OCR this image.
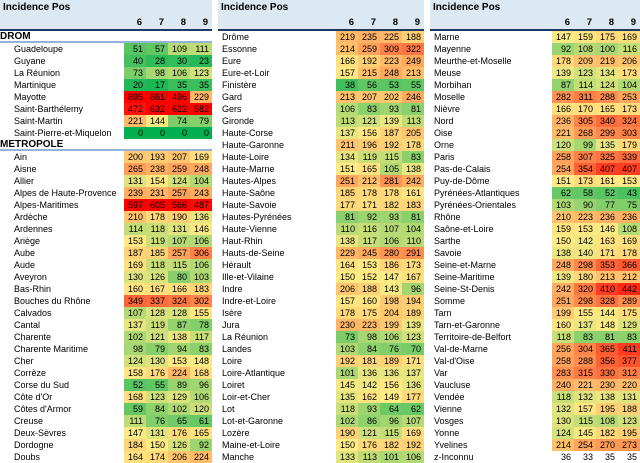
Incidence Pos
6	7	8	9
DROM
Guadeloupe	51	57 109 111
Guyane	40	28	30	23
La Réunion	73	98 106 123
Martinique	20	17	35	35
Mayotte	895 861 496 229
Saint-Barthélemy	472 632 622 582
Saint-Martin	221 144	74	79
Saint-Pierre-et-Miquelon	0	0	0	0
METROPOLE
Ain	200 193 207 169
Aisne	265 238 259 248
Allier	131 154 124 104
Alpes de Haute-Provence	239 231 257 243
Alpes-Maritimes	597 605 566 487
Ardèche	210 178 190 136
Ardennes	114 118 131 146
Ariège	153 119 107 106
Aube	187 185 257 306
Aude	169 118 115 106
Aveyron	130 126	80 103
Bas-Rhin	160 167 166 183
Bouches du Rhône	349 337 324 302
Calvados	107 128 128 155
Cantal	137 119	87	78
Charente	102 121 138 117
Charente Maritime	98	79	94	83
Cher	124 130 153 148
Corrèze	158 176 224 168
Corse du Sud	52	55	89	96
Côte d'Or	168 123 129 106
Côtes d'Armor	59	84 102 120
Creuse	111	76	65	61
Deux-Sèvres	147 131 176 165
Dordogne	184 150 126	92
Doubs	164 174 206 224
Incidence Pos
6	7	8	9
Drôme	219 235 225 188
Essonne	214 259 309 322
Eure	166 192 223 249
Eure-et-Loir	157 215 248 213
Finistère	38	56	53	55
Gard	213 207 202 246
Gers	106	83	93	81
Gironde	113 121 139 113
Haute-Corse	137 156 187 205
Haute-Garonne	211 196 192 178
Haute-Loire	134 119 115	83
Haute-Marne	151 165 105 138
Hautes-Alpes	251 212 281 242
Haute-Saône	185 178 178 161
Haute-Savoie	177 171 182 183
Hautes-Pyrénées	81	92	93	81
Haute-Vienne	110 116 107 104
Haut-Rhin	138 117 106 110
Hauts-de-Seine	229 245 280 291
Hérault	164 153 186 173
Ille-et-Vilaine	150 152 147 167
Indre	206 188 143	96
Indre-et-Loire	157 160 198 194
Isère	178 175 204 189
Jura	230 223 199 139
La Réunion	73	98 106 123
Landes	103	84	76	70
Loire	192 181 189 171
Loire-Atlantique	101 136 136 137
Loiret	145 142 156 136
Loir-et-Cher	135 162 149 177
Lot	118	93	64	62
Lot-et-Garonne	102	86	96 107
Lozère	190 121 115 169
Maine-et-Loire	150 176 182 192
Manche	133 113 101 106
Incidence Pos
6	7	8	9
Marne	147 159 175 169
Mayenne	92 108 100 116
Meurthe-et-Moselle	178 209 219 206
Meuse	139 123 134 173
Morbihan	87 114 124 104
Moselle	282 311 288 253
Nièvre	166 170 165 173
Nord	236 305 340 324
Oise	221 268 299 303
Orne	120	99 135 179
Paris	258 307 325 339
Pas-de-Calais	254 354 407 407
Puy-de-Dôme	151 173 161 153
Pyrénées-Atlantiques	62	58	52	43
Pyrénées-Orientales	103	90	77	75
Rhône	210 223 236 236
Saône-et-Loire	159 153 146 108
Sarthe	150 142 163 169
Savoie	138 140 171 178
Seine-et-Marne	248 298 353 366
Seine-Maritime	139 180 213 212
Seine-St-Denis	242 320 410 442
Somme	251 298 328 289
Tarn	199 155 144 175
Tarn-et-Garonne	160 137 148 129
Territoire-de-Belfort	118	83	81	83
Val-de-Marne	256 304 365 411
Val-d'Oise	258 288 356 377
Var	283 315 330 312
Vaucluse	240 221 230 220
Vendée	118 132 138 131
Vienne	132 157 195 188
Vosges	130 115 108 123
Yonne	124 145 182 195
Yvelines	214 254 270 273
z-Inconnu	36	33	35	35
